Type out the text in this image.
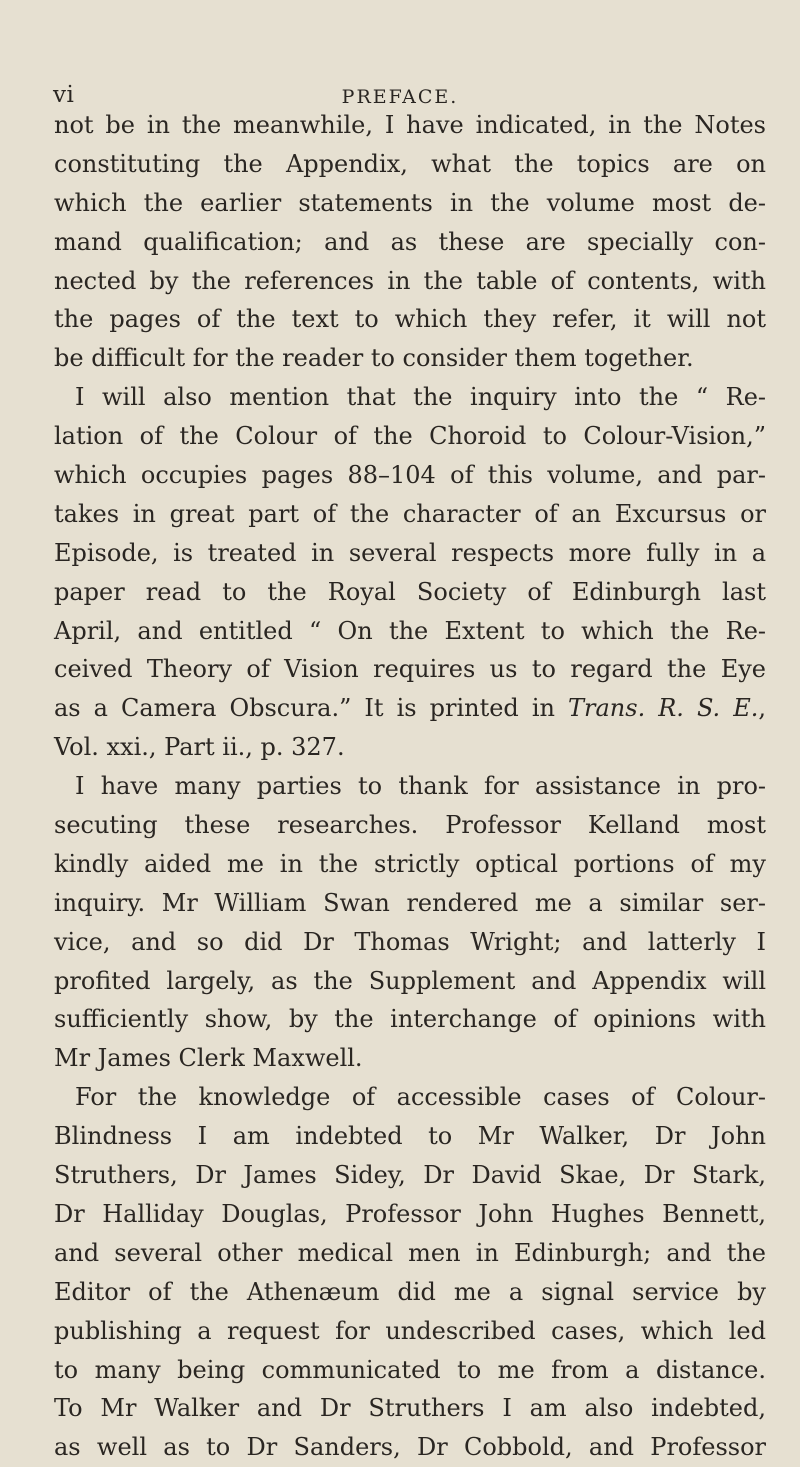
vi	PREFACE.
not be in the meanwhile, I have indicated, in the Notes
constituting the Appendix, what the topics are on
which the earlier statements in the volume most de-
mand qualification; and as these are specially con-
nected by the references in the table of contents, with
the pages of the text to which they refer, it will not
be difficult for the reader to consider them together.
I will also mention that the inquiry into the “ Re-
lation of the Colour of the Choroid to Colour-Vision,”
which occupies pages 88–104 of this volume, and par-
takes in great part of the character of an Excursus or
Episode, is treated in several respects more fully in a
paper read to the Royal Society of Edinburgh last
April, and entitled “ On the Extent to which the Re-
ceived Theory of Vision requires us to regard the Eye
as a Camera Obscura.” It is printed in Trans. R. S. E.,
Vol. xxi., Part ii., p. 327.
I have many parties to thank for assistance in pro-
secuting these researches. Professor Kelland most
kindly aided me in the strictly optical portions of my
inquiry. Mr William Swan rendered me a similar ser-
vice, and so did Dr Thomas Wright; and latterly I
profited largely, as the Supplement and Appendix will
sufficiently show, by the interchange of opinions with
Mr James Clerk Maxwell.
For the knowledge of accessible cases of Colour-
Blindness I am indebted to Mr Walker, Dr John
Struthers, Dr James Sidey, Dr David Skae, Dr Stark,
Dr Halliday Douglas, Professor John Hughes Bennett,
and several other medical men in Edinburgh; and the
Editor of the Athenæum did me a signal service by
publishing a request for undescribed cases, which led
to many being communicated to me from a distance.
To Mr Walker and Dr Struthers I am also indebted,
as well as to Dr Sanders, Dr Cobbold, and Professor
